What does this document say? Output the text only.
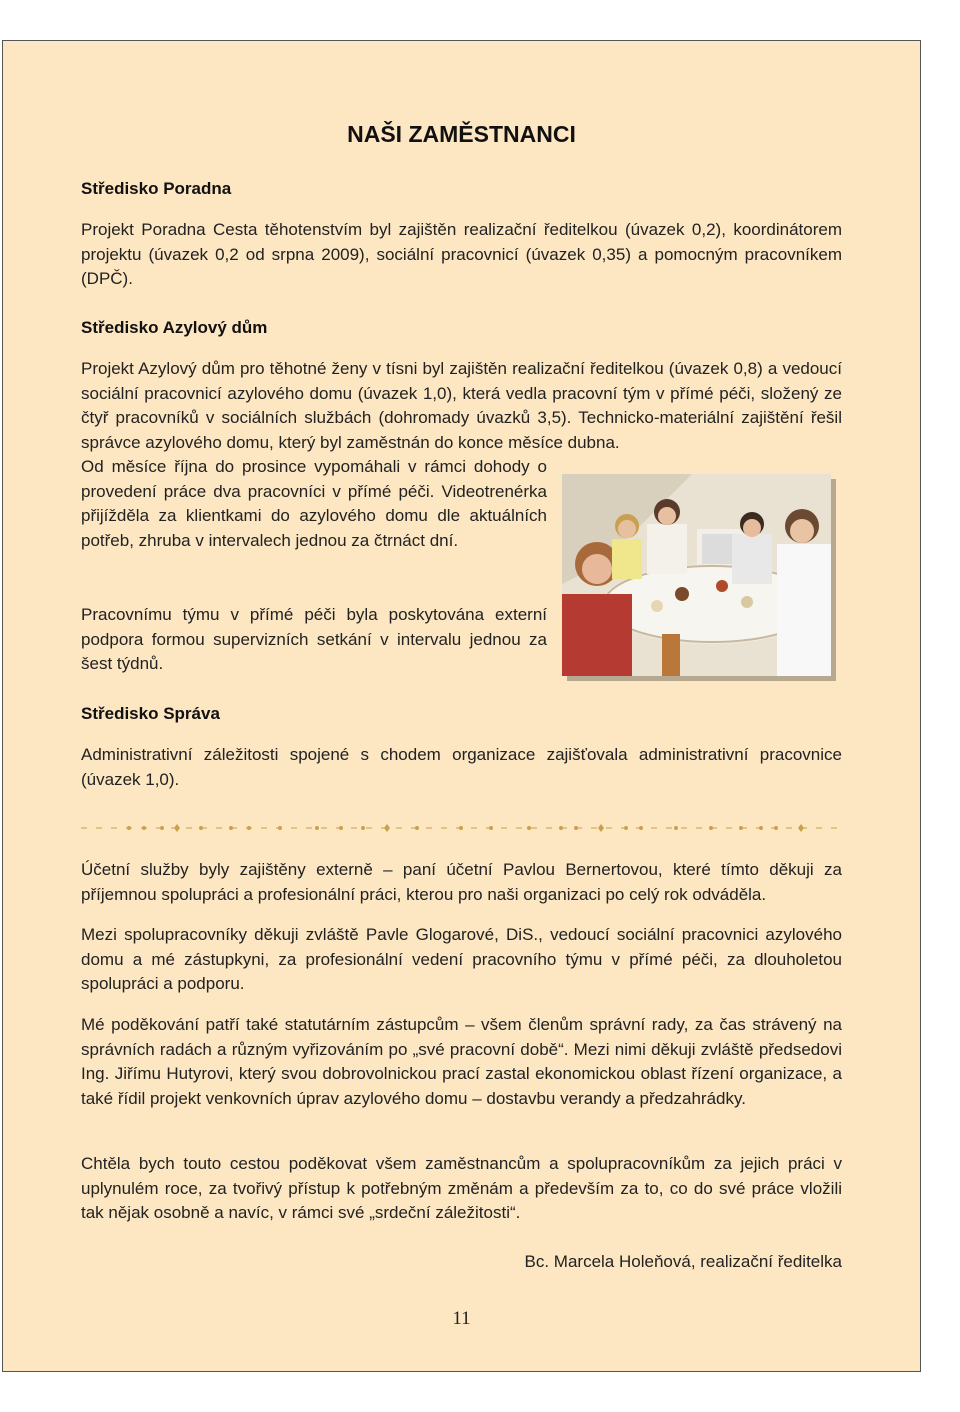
NAŠI ZAMĚSTNANCI
Středisko Poradna

Projekt Poradna Cesta těhotenstvím byl zajištěn realizační ředitelkou (úvazek 0,2), koordinátorem projektu (úvazek 0,2 od srpna 2009), sociální pracovnicí (úvazek 0,35) a pomocným pracovníkem (DPČ).

Středisko Azylový dům

Projekt Azylový dům pro těhotné ženy v tísni byl zajištěn realizační ředitelkou (úvazek 0,8) a vedoucí sociální pracovnicí azylového domu (úvazek 1,0), která vedla pracovní tým v přímé péči, složený ze čtyř pracovníků v sociálních službách (dohromady úvazků 3,5). Technicko-materiální zajištění řešil správce azylového domu, který byl zaměstnán do konce měsíce dubna.

Od měsíce října do prosince vypomáhali v rámci dohody o provedení práce dva pracovníci v přímé péči. Videotrenérka přijížděla za klientkami do azylového domu dle aktuálních potřeb, zhruba v intervalech jednou za čtrnáct dní.

Pracovnímu týmu v přímé péči byla poskytována externí podpora formou supervizních setkání v intervalu jednou za šest týdnů.

Středisko Správa

Administrativní záležitosti spojené s chodem organizace zajišťovala administrativní pracovnice (úvazek 1,0).

Účetní služby byly zajištěny externě – paní účetní Pavlou Bernertovou, které tímto děkuji za příjemnou spolupráci a profesionální práci, kterou pro naši organizaci po celý rok odváděla.

Mezi spolupracovníky děkuji zvláště Pavle Glogarové, DiS., vedoucí sociální pracovnici azylového domu a mé zástupkyni, za profesionální vedení pracovního týmu v přímé péči, za dlouholetou spolupráci a podporu.

Mé poděkování patří také statutárním zástupcům – všem členům správní rady, za čas strávený na správních radách a různým vyřizováním po „své pracovní době“. Mezi nimi děkuji zvláště předsedovi Ing. Jiřímu Hutyrovi, který svou dobrovolnickou prací zastal ekonomickou oblast řízení organizace, a také řídil projekt venkovních úprav azylového domu – dostavbu verandy a předzahrádky.

Chtěla bych touto cestou poděkovat všem zaměstnancům a spolupracovníkům za jejich práci v uplynulém roce, za tvořivý přístup k potřebným změnám a především za to, co do své práce vložili tak nějak osobně a navíc, v rámci své „srdeční záležitosti“.

Bc. Marcela Holeňová, realizační ředitelka

11
